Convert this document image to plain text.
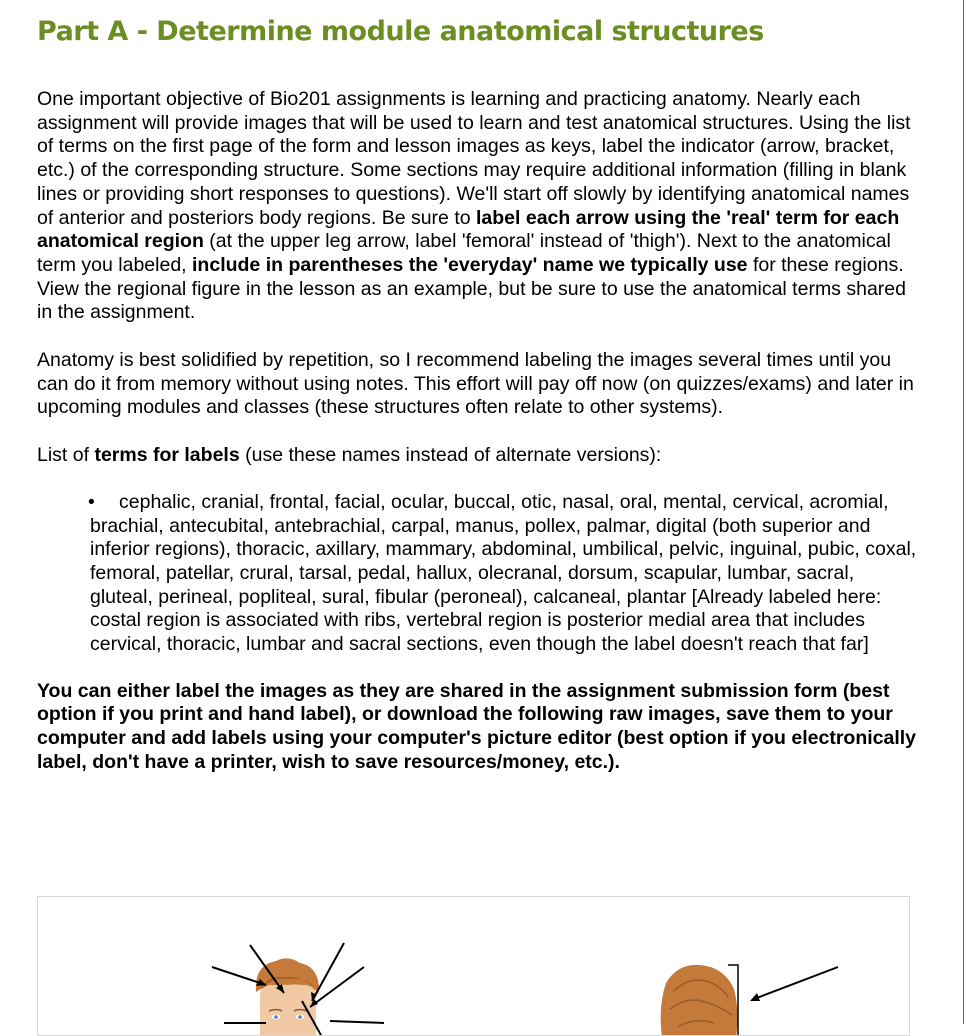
Part A - Determine module anatomical structures

One important objective of Bio201 assignments is learning and practicing anatomy. Nearly each assignment will provide images that will be used to learn and test anatomical structures. Using the list of terms on the first page of the form and lesson images as keys, label the indicator (arrow, bracket, etc.) of the corresponding structure. Some sections may require additional information (filling in blank lines or providing short responses to questions). We'll start off slowly by identifying anatomical names of anterior and posteriors body regions. Be sure to label each arrow using the 'real' term for each anatomical region (at the upper leg arrow, label 'femoral' instead of 'thigh'). Next to the anatomical term you labeled, include in parentheses the 'everyday' name we typically use for these regions. View the regional figure in the lesson as an example, but be sure to use the anatomical terms shared in the assignment.

Anatomy is best solidified by repetition, so I recommend labeling the images several times until you can do it from memory without using notes. This effort will pay off now (on quizzes/exams) and later in upcoming modules and classes (these structures often relate to other systems).

List of terms for labels (use these names instead of alternate versions):

• cephalic, cranial, frontal, facial, ocular, buccal, otic, nasal, oral, mental, cervical, acromial, brachial, antecubital, antebrachial, carpal, manus, pollex, palmar, digital (both superior and inferior regions), thoracic, axillary, mammary, abdominal, umbilical, pelvic, inguinal, pubic, coxal, femoral, patellar, crural, tarsal, pedal, hallux, olecranal, dorsum, scapular, lumbar, sacral, gluteal, perineal, popliteal, sural, fibular (peroneal), calcaneal, plantar [Already labeled here: costal region is associated with ribs, vertebral region is posterior medial area that includes cervical, thoracic, lumbar and sacral sections, even though the label doesn't reach that far]

You can either label the images as they are shared in the assignment submission form (best option if you print and hand label), or download the following raw images, save them to your computer and add labels using your computer's picture editor (best option if you electronically label, don't have a printer, wish to save resources/money, etc.).
